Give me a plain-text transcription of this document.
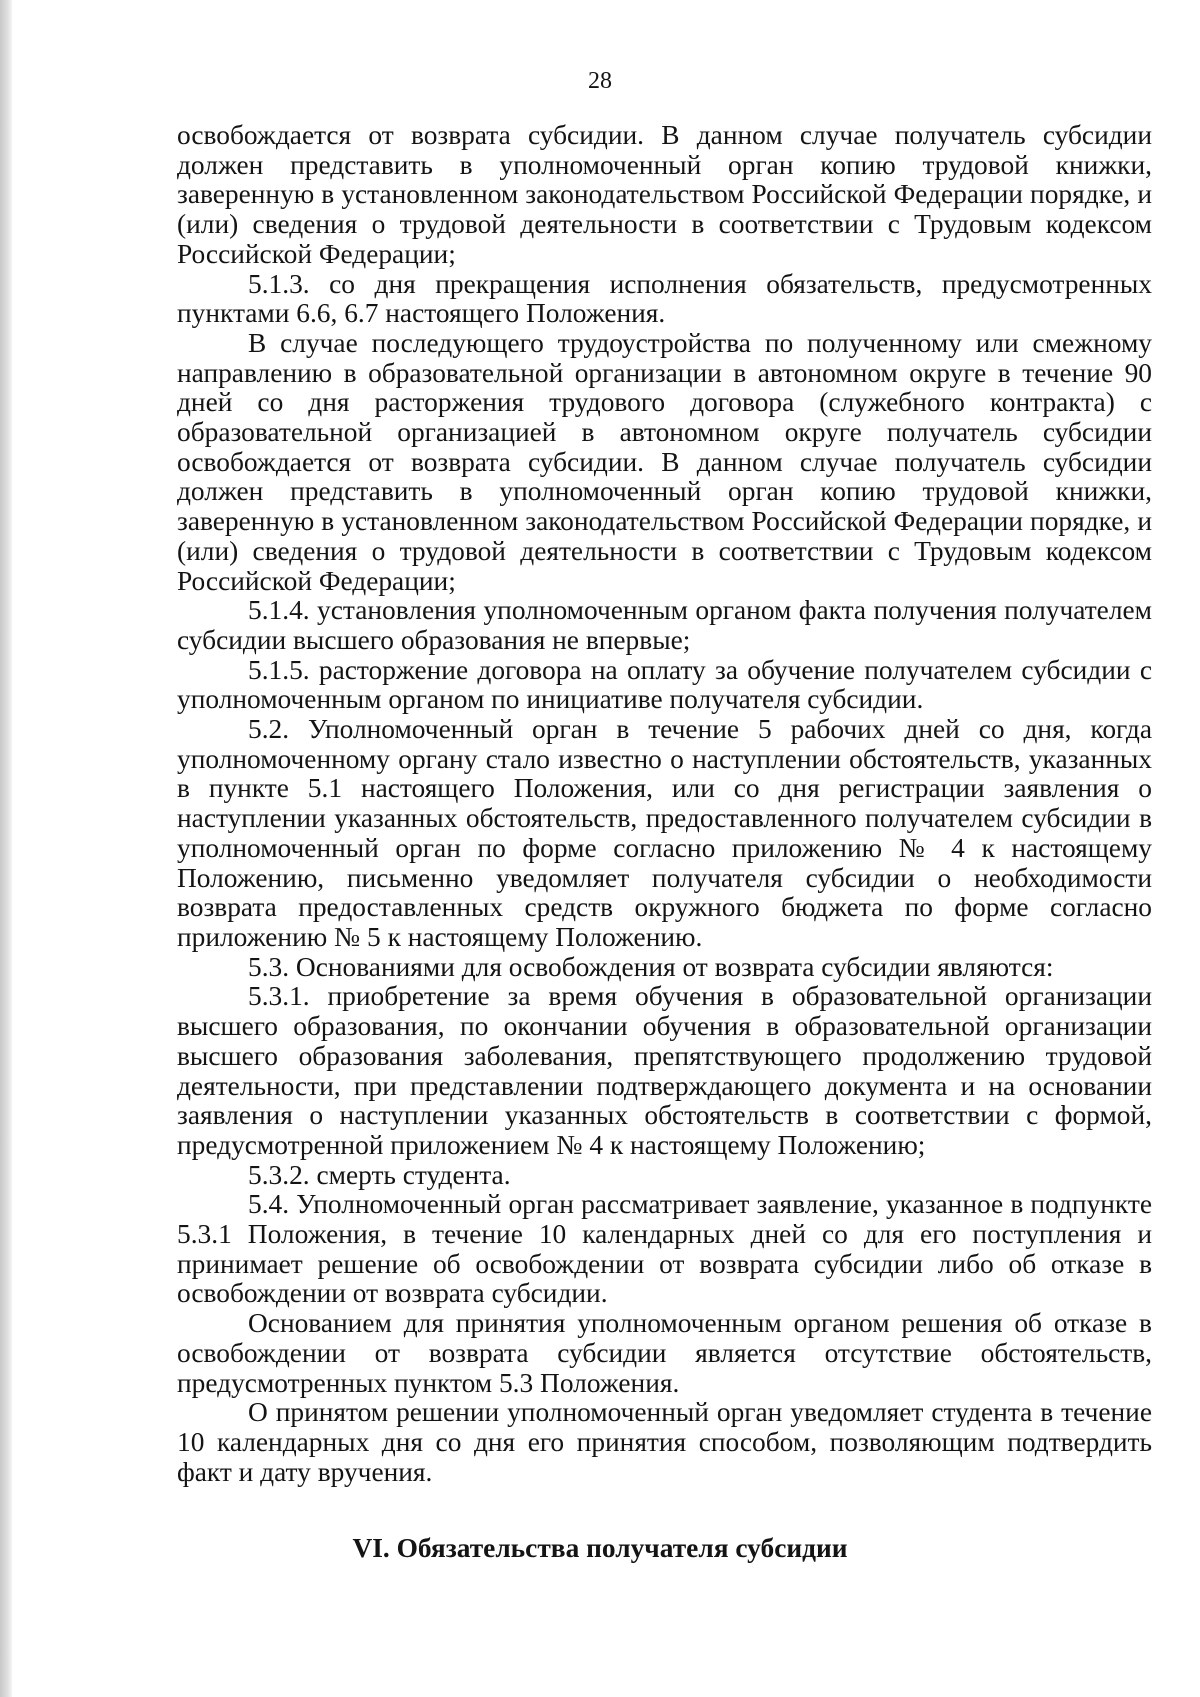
28

освобождается от возврата субсидии. В данном случае получатель субсидии должен представить в уполномоченный орган копию трудовой книжки, заверенную в установленном законодательством Российской Федерации порядке, и (или) сведения о трудовой деятельности в соответствии с Трудовым кодексом Российской Федерации;

5.1.3. со дня прекращения исполнения обязательств, предусмотренных пунктами 6.6, 6.7 настоящего Положения.

В случае последующего трудоустройства по полученному или смежному направлению в образовательной организации в автономном округе в течение 90 дней со дня расторжения трудового договора (служебного контракта) с образовательной организацией в автономном округе получатель субсидии освобождается от возврата субсидии. В данном случае получатель субсидии должен представить в уполномоченный орган копию трудовой книжки, заверенную в установленном законодательством Российской Федерации порядке, и (или) сведения о трудовой деятельности в соответствии с Трудовым кодексом Российской Федерации;

5.1.4. установления уполномоченным органом факта получения получателем субсидии высшего образования не впервые;

5.1.5. расторжение договора на оплату за обучение получателем субсидии с уполномоченным органом по инициативе получателя субсидии.

5.2. Уполномоченный орган в течение 5 рабочих дней со дня, когда уполномоченному органу стало известно о наступлении обстоятельств, указанных в пункте 5.1 настоящего Положения, или со дня регистрации заявления о наступлении указанных обстоятельств, предоставленного получателем субсидии в уполномоченный орган по форме согласно приложению № 4 к настоящему Положению, письменно уведомляет получателя субсидии о необходимости возврата предоставленных средств окружного бюджета по форме согласно приложению № 5 к настоящему Положению.

5.3. Основаниями для освобождения от возврата субсидии являются:

5.3.1. приобретение за время обучения в образовательной организации высшего образования, по окончании обучения в образовательной организации высшего образования заболевания, препятствующего продолжению трудовой деятельности, при представлении подтверждающего документа и на основании заявления о наступлении указанных обстоятельств в соответствии с формой, предусмотренной приложением № 4 к настоящему Положению;

5.3.2. смерть студента.

5.4. Уполномоченный орган рассматривает заявление, указанное в подпункте 5.3.1 Положения, в течение 10 календарных дней со для его поступления и принимает решение об освобождении от возврата субсидии либо об отказе в освобождении от возврата субсидии.

Основанием для принятия уполномоченным органом решения об отказе в освобождении от возврата субсидии является отсутствие обстоятельств, предусмотренных пунктом 5.3 Положения.

О принятом решении уполномоченный орган уведомляет студента в течение 10 календарных дня со дня его принятия способом, позволяющим подтвердить факт и дату вручения.

VI. Обязательства получателя субсидии
